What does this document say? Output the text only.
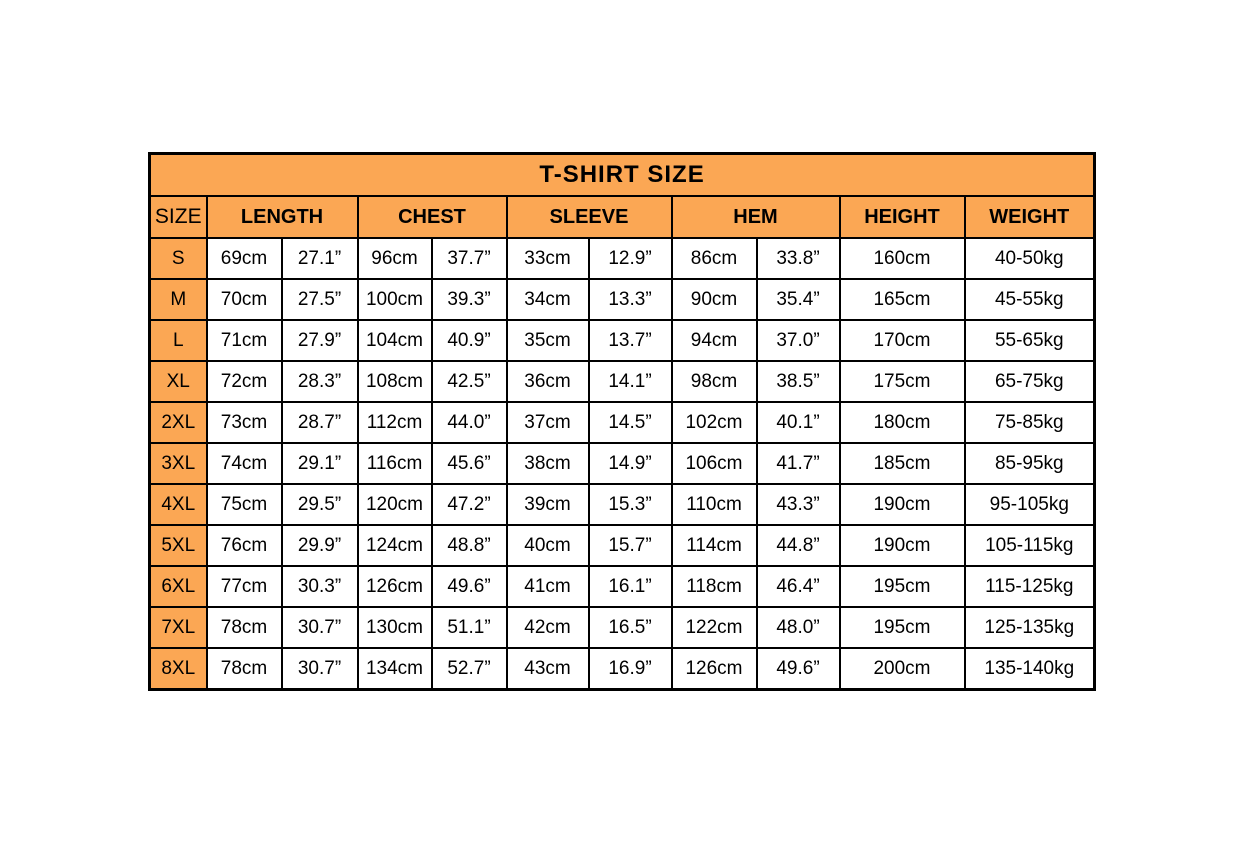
T-SHIRT SIZE										
SIZE	LENGTH		CHEST		SLEEVE		HEM		HEIGHT	WEIGHT
S	69cm	27.1”	96cm	37.7”	33cm	12.9”	86cm	33.8”	160cm	40-50kg
M	70cm	27.5”	100cm	39.3”	34cm	13.3”	90cm	35.4”	165cm	45-55kg
L	71cm	27.9”	104cm	40.9”	35cm	13.7”	94cm	37.0”	170cm	55-65kg
XL	72cm	28.3”	108cm	42.5”	36cm	14.1”	98cm	38.5”	175cm	65-75kg
2XL	73cm	28.7”	112cm	44.0”	37cm	14.5”	102cm	40.1”	180cm	75-85kg
3XL	74cm	29.1”	116cm	45.6”	38cm	14.9”	106cm	41.7”	185cm	85-95kg
4XL	75cm	29.5”	120cm	47.2”	39cm	15.3”	110cm	43.3”	190cm	95-105kg
5XL	76cm	29.9”	124cm	48.8”	40cm	15.7”	114cm	44.8”	190cm	105-115kg
6XL	77cm	30.3”	126cm	49.6”	41cm	16.1”	118cm	46.4”	195cm	115-125kg
7XL	78cm	30.7”	130cm	51.1”	42cm	16.5”	122cm	48.0”	195cm	125-135kg
8XL	78cm	30.7”	134cm	52.7”	43cm	16.9”	126cm	49.6”	200cm	135-140kg
